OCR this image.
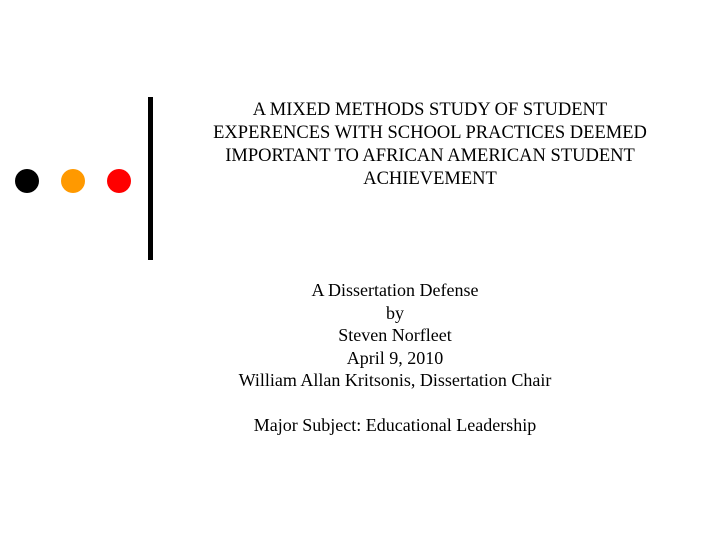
A MIXED METHODS STUDY OF STUDENT
EXPERENCES WITH SCHOOL PRACTICES DEEMED
IMPORTANT TO AFRICAN AMERICAN STUDENT
ACHIEVEMENT
A Dissertation Defense
by
Steven Norfleet
April 9, 2010
William Allan Kritsonis, Dissertation Chair
Major Subject: Educational Leadership
